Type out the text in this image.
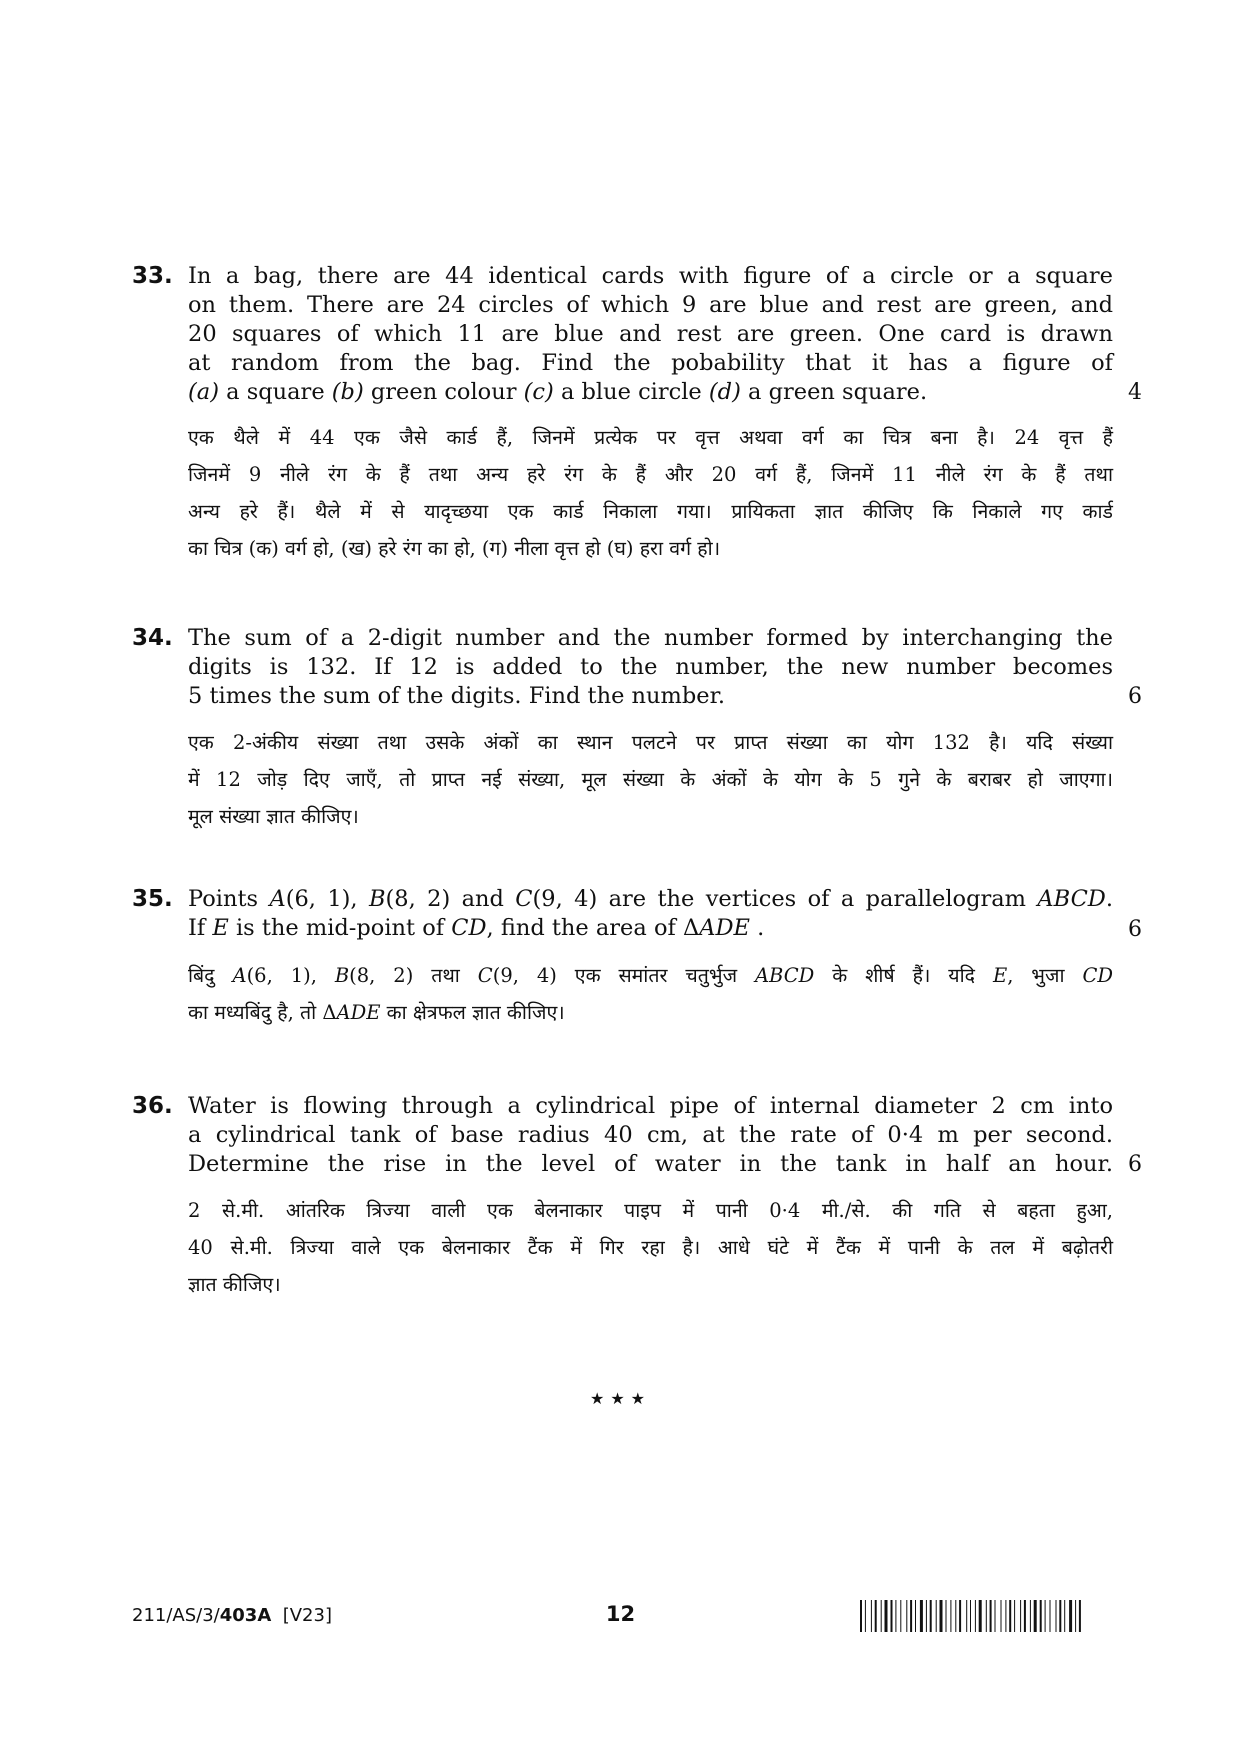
33. In a bag, there are 44 identical cards with figure of a circle or a square
on them. There are 24 circles of which 9 are blue and rest are green, and
20 squares of which 11 are blue and rest are green. One card is drawn
at random from the bag. Find the pobability that it has a figure of
(a) a square (b) green colour (c) a blue circle (d) a green square.	4
एक थैले में 44 एक जैसे कार्ड हैं, जिनमें प्रत्येक पर वृत्त अथवा वर्ग का चित्र बना है। 24 वृत्त हैं
जिनमें 9 नीले रंग के हैं तथा अन्य हरे रंग के हैं और 20 वर्ग हैं, जिनमें 11 नीले रंग के हैं तथा
अन्य हरे हैं। थैले में से यादृच्छया एक कार्ड निकाला गया। प्रायिकता ज्ञात कीजिए कि निकाले गए कार्ड
का चित्र (क) वर्ग हो, (ख) हरे रंग का हो, (ग) नीला वृत्त हो (घ) हरा वर्ग हो।
34. The sum of a 2-digit number and the number formed by interchanging the
digits is 132. If 12 is added to the number, the new number becomes
5 times the sum of the digits. Find the number.	6
एक 2-अंकीय संख्या तथा उसके अंकों का स्थान पलटने पर प्राप्त संख्या का योग 132 है। यदि संख्या
में 12 जोड़ दिए जाएँ, तो प्राप्त नई संख्या, मूल संख्या के अंकों के योग के 5 गुने के बराबर हो जाएगा।
मूल संख्या ज्ञात कीजिए।
35. Points A(6, 1), B(8, 2) and C(9, 4) are the vertices of a parallelogram ABCD.
If E is the mid-point of CD, find the area of ΔADE .	6
बिंदु A(6, 1), B(8, 2) तथा C(9, 4) एक समांतर चतुर्भुज ABCD के शीर्ष हैं। यदि E, भुजा CD
का मध्यबिंदु है, तो ΔADE का क्षेत्रफल ज्ञात कीजिए।
36. Water is flowing through a cylindrical pipe of internal diameter 2 cm into
a cylindrical tank of base radius 40 cm, at the rate of 0·4 m per second.
Determine the rise in the level of water in the tank in half an hour. 6
2 से.मी. आंतरिक त्रिज्या वाली एक बेलनाकार पाइप में पानी 0·4 मी./से. की गति से बहता हुआ,
40 से.मी. त्रिज्या वाले एक बेलनाकार टैंक में गिर रहा है। आधे घंटे में टैंक में पानी के तल में बढ़ोतरी
ज्ञात कीजिए।
★★★
211/AS/3/403A [V23]	12
